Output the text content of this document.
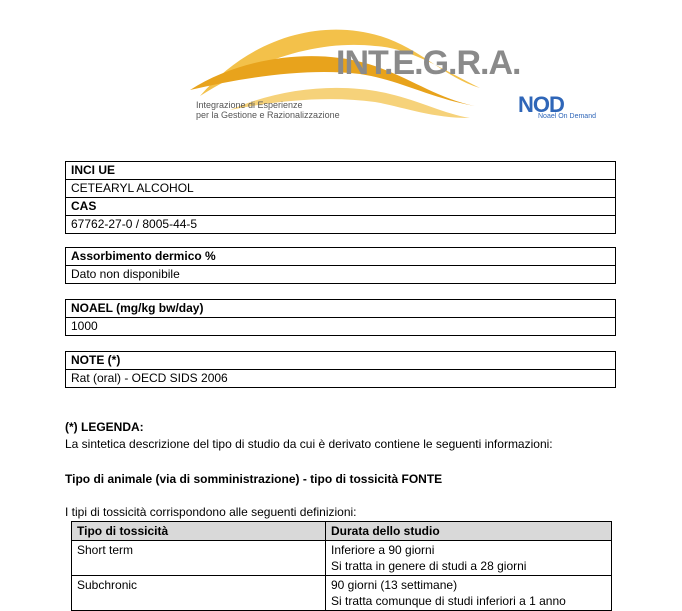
INT.E.G.R.A.
Integrazione di Esperienze
per la Gestione e Razionalizzazione	NOD
Noael On Demand
INCI UE
CETEARYL ALCOHOL
CAS
67762-27-0 / 8005-44-5
Assorbimento dermico %
Dato non disponibile
NOAEL (mg/kg bw/day)
1000
NOTE (*)
Rat (oral) - OECD SIDS 2006
(*) LEGENDA:
La sintetica descrizione del tipo di studio da cui è derivato contiene le seguenti informazioni:
Tipo di animale (via di somministrazione) - tipo di tossicità FONTE
I tipi di tossicità corrispondono alle seguenti definizioni:
Tipo di tossicità	Durata dello studio
Short term	Inferiore a 90 giorni
Si tratta in genere di studi a 28 giorni

Subchronic	90 giorni (13 settimane)
Si tratta comunque di studi inferiori a 1 anno
